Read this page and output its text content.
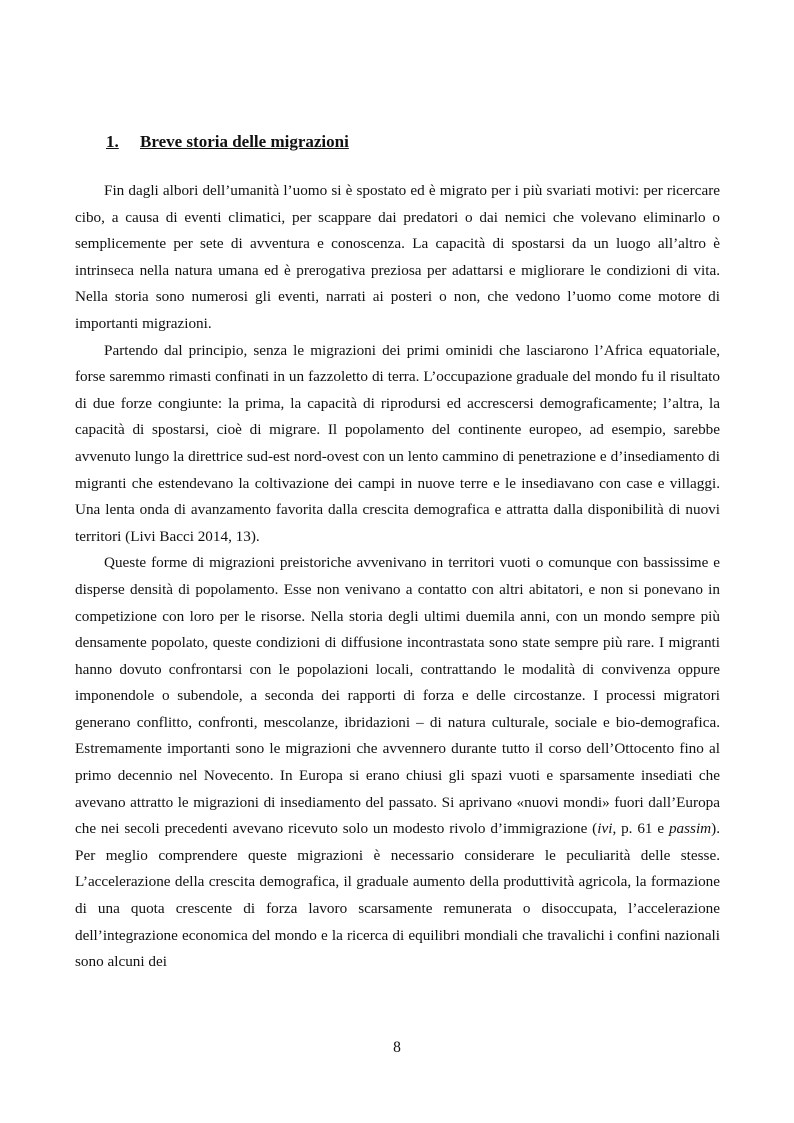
1. Breve storia delle migrazioni

Fin dagli albori dell’umanità l’uomo si è spostato ed è migrato per i più svariati motivi: per ricercare cibo, a causa di eventi climatici, per scappare dai predatori o dai nemici che volevano eliminarlo o semplicemente per sete di avventura e conoscenza. La capacità di spostarsi da un luogo all’altro è intrinseca nella natura umana ed è prerogativa preziosa per adattarsi e migliorare le condizioni di vita. Nella storia sono numerosi gli eventi, narrati ai posteri o non, che vedono l’uomo come motore di importanti migrazioni.

Partendo dal principio, senza le migrazioni dei primi ominidi che lasciarono l’Africa equatoriale, forse saremmo rimasti confinati in un fazzoletto di terra. L’occupazione graduale del mondo fu il risultato di due forze congiunte: la prima, la capacità di riprodursi ed accrescersi demograficamente; l’altra, la capacità di spostarsi, cioè di migrare. Il popolamento del continente europeo, ad esempio, sarebbe avvenuto lungo la direttrice sud-est nord-ovest con un lento cammino di penetrazione e d’insediamento di migranti che estendevano la coltivazione dei campi in nuove terre e le insediavano con case e villaggi. Una lenta onda di avanzamento favorita dalla crescita demografica e attratta dalla disponibilità di nuovi territori (Livi Bacci 2014, 13).

Queste forme di migrazioni preistoriche avvenivano in territori vuoti o comunque con bassissime e disperse densità di popolamento. Esse non venivano a contatto con altri abitatori, e non si ponevano in competizione con loro per le risorse. Nella storia degli ultimi duemila anni, con un mondo sempre più densamente popolato, queste condizioni di diffusione incontrastata sono state sempre più rare. I migranti hanno dovuto confrontarsi con le popolazioni locali, contrattando le modalità di convivenza oppure imponendole o subendole, a seconda dei rapporti di forza e delle circostanze. I processi migratori generano conflitto, confronti, mescolanze, ibridazioni – di natura culturale, sociale e bio-demografica. Estremamente importanti sono le migrazioni che avvennero durante tutto il corso dell’Ottocento fino al primo decennio nel Novecento. In Europa si erano chiusi gli spazi vuoti e sparsamente insediati che avevano attratto le migrazioni di insediamento del passato. Si aprivano «nuovi mondi» fuori dall’Europa che nei secoli precedenti avevano ricevuto solo un modesto rivolo d’immigrazione (ivi, p. 61 e passim). Per meglio comprendere queste migrazioni è necessario considerare le peculiarità delle stesse. L’accelerazione della crescita demografica, il graduale aumento della produttività agricola, la formazione di una quota crescente di forza lavoro scarsamente remunerata o disoccupata, l’accelerazione dell’integrazione economica del mondo e la ricerca di equilibri mondiali che travalichi i confini nazionali sono alcuni dei

8
